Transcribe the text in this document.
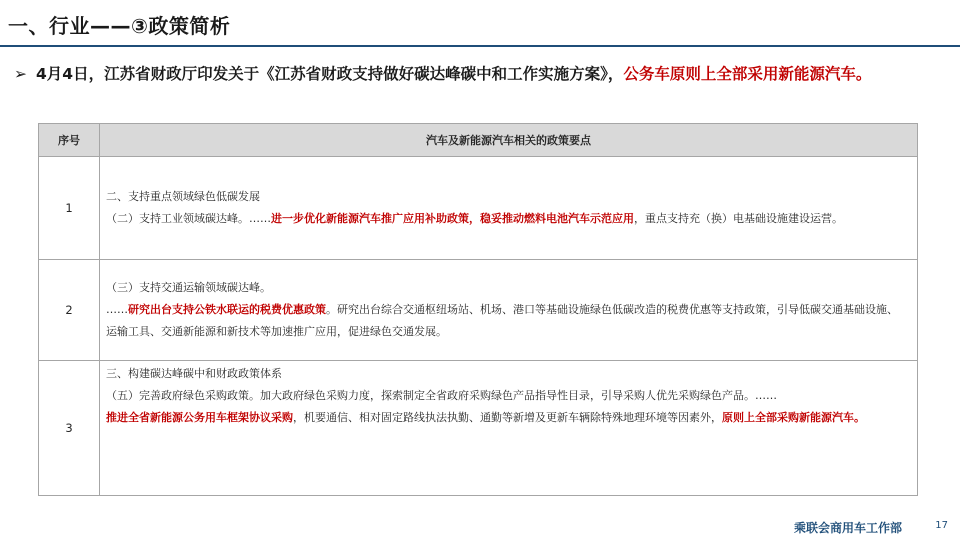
一、行业——③政策简析
➢ 4月4日，江苏省财政厅印发关于《江苏省财政支持做好碳达峰碳中和工作实施方案》，公务车原则上全部采用新能源汽车。
序号	汽车及新能源汽车相关的政策要点
1	二、支持重点领域绿色低碳发展
（二）支持工业领域碳达峰。……进一步优化新能源汽车推广应用补助政策，稳妥推动燃料电池汽车示范应用，重点支持充（换）电基础设施建设运营。

2	（三）支持交通运输领域碳达峰。
……研究出台支持公铁水联运的税费优惠政策。研究出台综合交通枢纽场站、机场、港口等基础设施绿色低碳改造的税费优惠等支持政策，引导低碳交通基础设施、运输工具、交通新能源和新技术等加速推广应用，促进绿色交通发展。

3	三、构建碳达峰碳中和财政政策体系
（五）完善政府绿色采购政策。加大政府绿色采购力度，探索制定全省政府采购绿色产品指导性目录，引导采购人优先采购绿色产品。……
推进全省新能源公务用车框架协议采购，机要通信、相对固定路线执法执勤、通勤等新增及更新车辆除特殊地理环境等因素外，原则上全部采购新能源汽车。
乘联会商用车工作部	17
